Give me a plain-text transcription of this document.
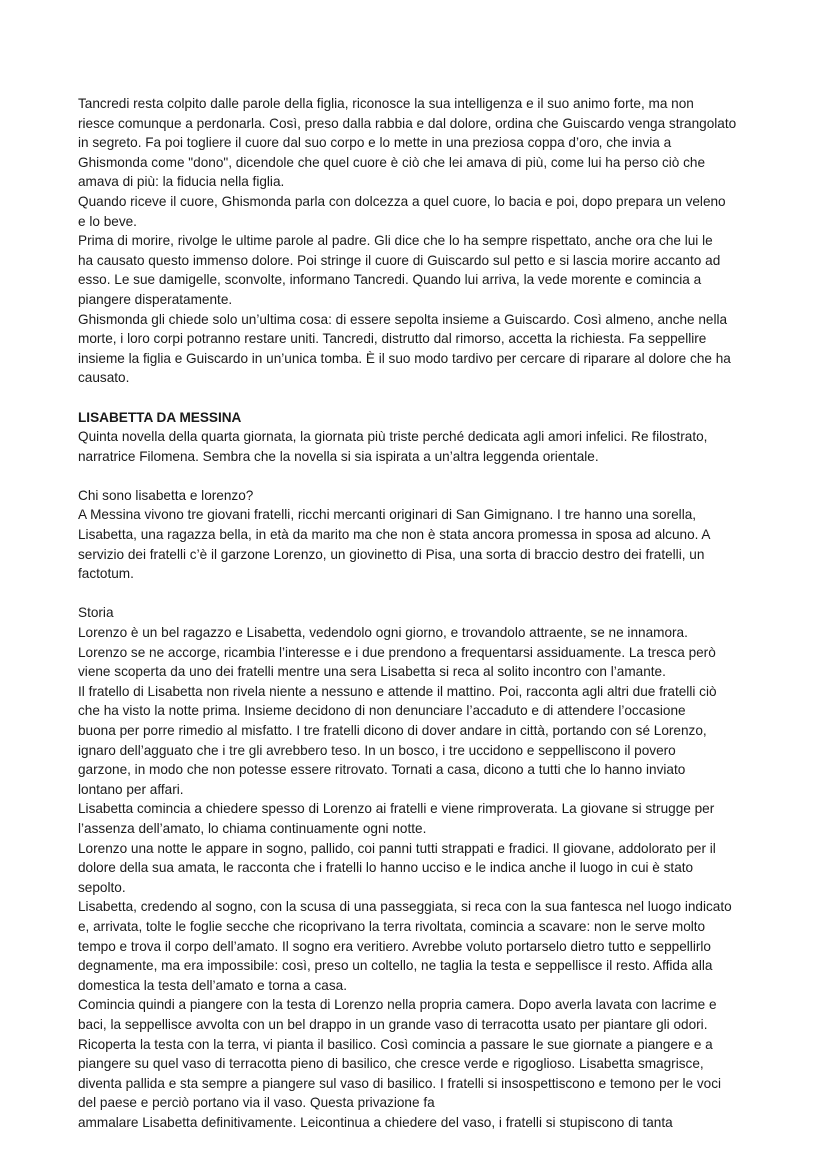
Tancredi resta colpito dalle parole della figlia, riconosce la sua intelligenza e il suo animo forte, ma non

riesce comunque a perdonarla. Così, preso dalla rabbia e dal dolore, ordina che Guiscardo venga strangolato

in segreto. Fa poi togliere il cuore dal suo corpo e lo mette in una preziosa coppa d’oro, che invia a

Ghismonda come "dono", dicendole che quel cuore è ciò che lei amava di più, come lui ha perso ciò che

amava di più: la fiducia nella figlia.

Quando riceve il cuore, Ghismonda parla con dolcezza a quel cuore, lo bacia e poi, dopo prepara un veleno

e lo beve.

Prima di morire, rivolge le ultime parole al padre. Gli dice che lo ha sempre rispettato, anche ora che lui le

ha causato questo immenso dolore. Poi stringe il cuore di Guiscardo sul petto e si lascia morire accanto ad

esso. Le sue damigelle, sconvolte, informano Tancredi. Quando lui arriva, la vede morente e comincia a

piangere disperatamente.

Ghismonda gli chiede solo un’ultima cosa: di essere sepolta insieme a Guiscardo. Così almeno, anche nella

morte, i loro corpi potranno restare uniti. Tancredi, distrutto dal rimorso, accetta la richiesta. Fa seppellire

insieme la figlia e Guiscardo in un’unica tomba. È il suo modo tardivo per cercare di riparare al dolore che ha

causato.

LISABETTA DA MESSINA

Quinta novella della quarta giornata, la giornata più triste perché dedicata agli amori infelici. Re filostrato,

narratrice Filomena. Sembra che la novella si sia ispirata a un’altra leggenda orientale.

Chi sono lisabetta e lorenzo?

A Messina vivono tre giovani fratelli, ricchi mercanti originari di San Gimignano. I tre hanno una sorella,

Lisabetta, una ragazza bella, in età da marito ma che non è stata ancora promessa in sposa ad alcuno. A

servizio dei fratelli c’è il garzone Lorenzo, un giovinetto di Pisa, una sorta di braccio destro dei fratelli, un

factotum.

Storia

Lorenzo è un bel ragazzo e Lisabetta, vedendolo ogni giorno, e trovandolo attraente, se ne innamora.

Lorenzo se ne accorge, ricambia l’interesse e i due prendono a frequentarsi assiduamente. La tresca però

viene scoperta da uno dei fratelli mentre una sera Lisabetta si reca al solito incontro con l’amante.

Il fratello di Lisabetta non rivela niente a nessuno e attende il mattino. Poi, racconta agli altri due fratelli ciò

che ha visto la notte prima. Insieme decidono di non denunciare l’accaduto e di attendere l’occasione

buona per porre rimedio al misfatto. I tre fratelli dicono di dover andare in città, portando con sé Lorenzo,

ignaro dell’agguato che i tre gli avrebbero teso. In un bosco, i tre uccidono e seppelliscono il povero

garzone, in modo che non potesse essere ritrovato. Tornati a casa, dicono a tutti che lo hanno inviato

lontano per affari.

Lisabetta comincia a chiedere spesso di Lorenzo ai fratelli e viene rimproverata. La giovane si strugge per

l’assenza dell’amato, lo chiama continuamente ogni notte.

Lorenzo una notte le appare in sogno, pallido, coi panni tutti strappati e fradici. Il giovane, addolorato per il

dolore della sua amata, le racconta che i fratelli lo hanno ucciso e le indica anche il luogo in cui è stato

sepolto.

Lisabetta, credendo al sogno, con la scusa di una passeggiata, si reca con la sua fantesca nel luogo indicato

e, arrivata, tolte le foglie secche che ricoprivano la terra rivoltata, comincia a scavare: non le serve molto

tempo e trova il corpo dell’amato. Il sogno era veritiero. Avrebbe voluto portarselo dietro tutto e seppellirlo

degnamente, ma era impossibile: così, preso un coltello, ne taglia la testa e seppellisce il resto. Affida alla

domestica la testa dell’amato e torna a casa.

Comincia quindi a piangere con la testa di Lorenzo nella propria camera. Dopo averla lavata con lacrime e

baci, la seppellisce avvolta con un bel drappo in un grande vaso di terracotta usato per piantare gli odori.

Ricoperta la testa con la terra, vi pianta il basilico. Così comincia a passare le sue giornate a piangere e a

piangere su quel vaso di terracotta pieno di basilico, che cresce verde e rigoglioso. Lisabetta smagrisce,

diventa pallida e sta sempre a piangere sul vaso di basilico. I fratelli si insospettiscono e temono per le voci

del paese e perciò portano via il vaso. Questa privazione fa

ammalare Lisabetta definitivamente. Leicontinua a chiedere del vaso, i fratelli si stupiscono di tanta
